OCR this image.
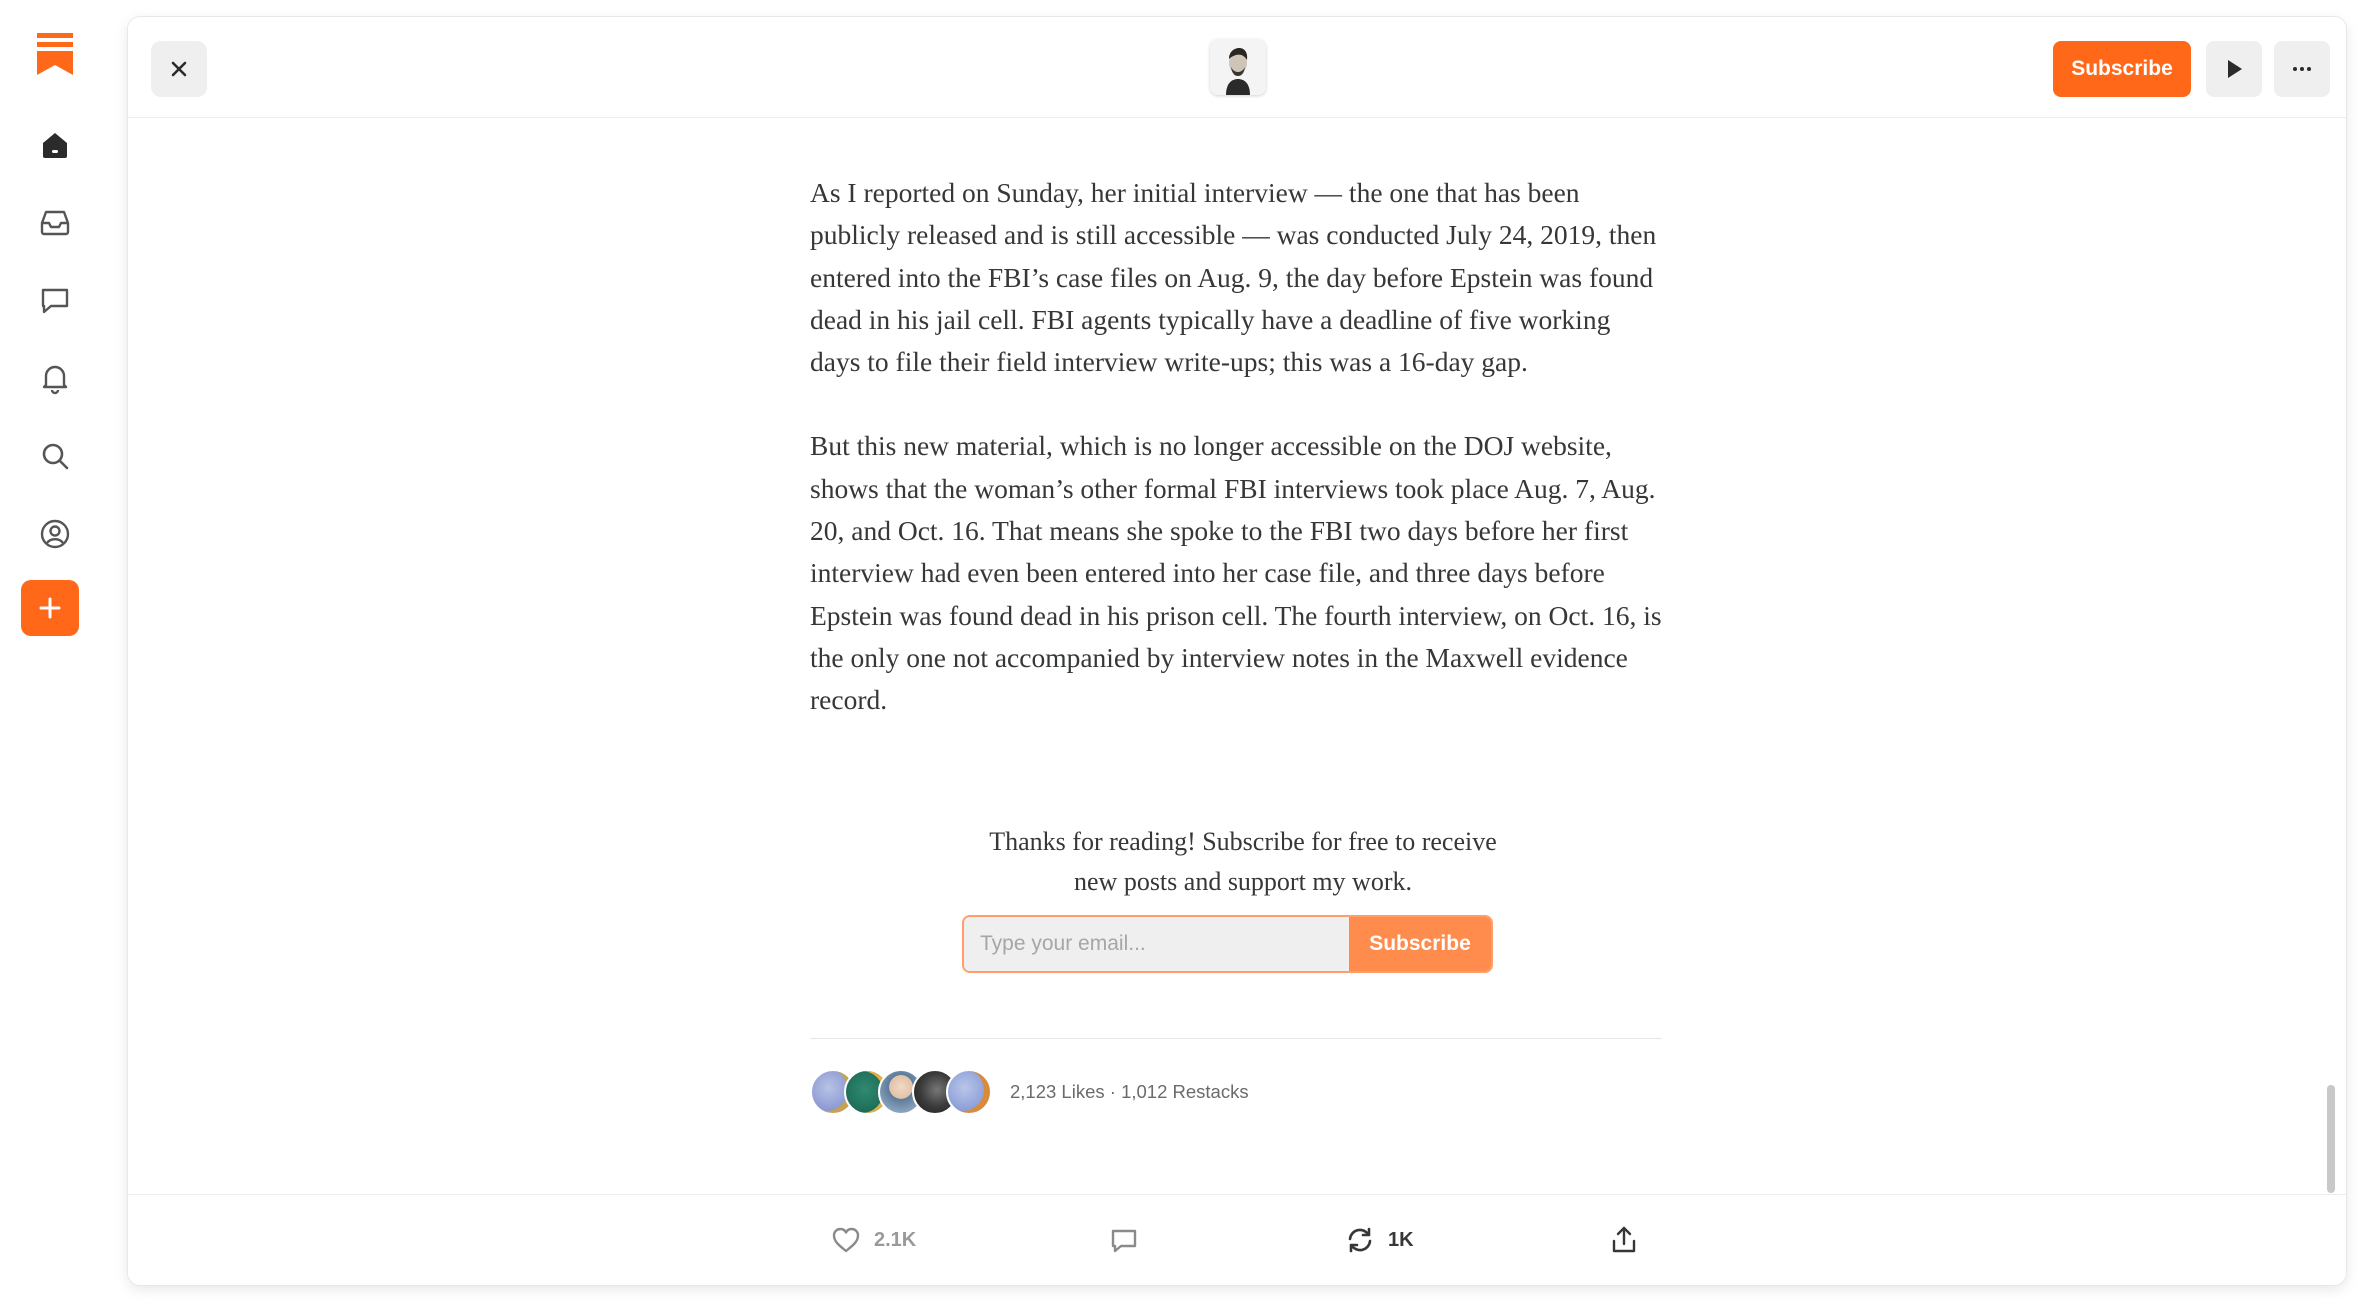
Subscribe

As I reported on Sunday, her initial interview — the one that has been publicly released and is still accessible — was conducted July 24, 2019, then entered into the FBI’s case files on Aug. 9, the day before Epstein was found dead in his jail cell. FBI agents typically have a deadline of five working days to file their field interview write-ups; this was a 16-day gap.

But this new material, which is no longer accessible on the DOJ website, shows that the woman’s other formal FBI interviews took place Aug. 7, Aug. 20, and Oct. 16. That means she spoke to the FBI two days before her first interview had even been entered into her case file, and three days before Epstein was found dead in his prison cell. The fourth interview, on Oct. 16, is the only one not accompanied by interview notes in the Maxwell evidence record.

Thanks for reading! Subscribe for free to receive
new posts and support my work.
Type your email...
Subscribe
2,123 Likes · 1,012 Restacks
2.1K	1K
